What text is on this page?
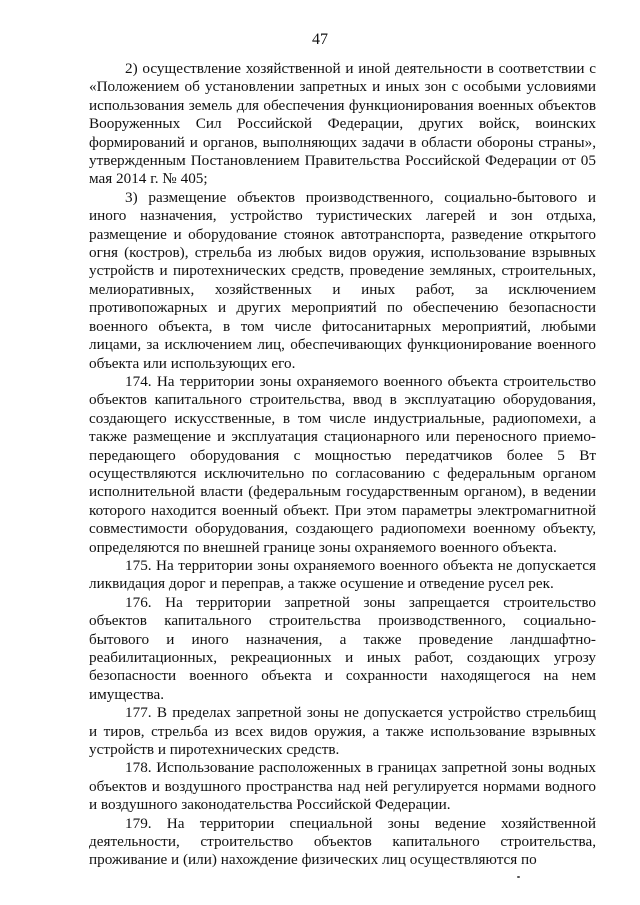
47

2) осуществление хозяйственной и иной деятельности в соответствии с «Положением об установлении запретных и иных зон с особыми условиями использования земель для обеспечения функционирования военных объектов Вооруженных Сил Российской Федерации, других войск, воинских формирований и органов, выполняющих задачи в области обороны страны», утвержденным Постановлением Правительства Российской Федерации от 05 мая 2014 г. № 405;

3) размещение объектов производственного, социально-бытового и иного назначения, устройство туристических лагерей и зон отдыха, размещение и оборудование стоянок автотранспорта, разведение открытого огня (костров), стрельба из любых видов оружия, использование взрывных устройств и пиротехнических средств, проведение земляных, строительных, мелиоративных, хозяйственных и иных работ, за исключением противопожарных и других мероприятий по обеспечению безопасности военного объекта, в том числе фитосанитарных мероприятий, любыми лицами, за исключением лиц, обеспечивающих функционирование военного объекта или использующих его.

174. На территории зоны охраняемого военного объекта строительство объектов капитального строительства, ввод в эксплуатацию оборудования, создающего искусственные, в том числе индустриальные, радиопомехи, а также размещение и эксплуатация стационарного или переносного приемо-передающего оборудования с мощностью передатчиков более 5 Вт осуществляются исключительно по согласованию с федеральным органом исполнительной власти (федеральным государственным органом), в ведении которого находится военный объект. При этом параметры электромагнитной совместимости оборудования, создающего радиопомехи военному объекту, определяются по внешней границе зоны охраняемого военного объекта.

175. На территории зоны охраняемого военного объекта не допускается ликвидация дорог и переправ, а также осушение и отведение русел рек.

176. На территории запретной зоны запрещается строительство объектов капитального строительства производственного, социально-бытового и иного назначения, а также проведение ландшафтно-реабилитационных, рекреационных и иных работ, создающих угрозу безопасности военного объекта и сохранности находящегося на нем имущества.

177. В пределах запретной зоны не допускается устройство стрельбищ и тиров, стрельба из всех видов оружия, а также использование взрывных устройств и пиротехнических средств.

178. Использование расположенных в границах запретной зоны водных объектов и воздушного пространства над ней регулируется нормами водного и воздушного законодательства Российской Федерации.

179. На территории специальной зоны ведение хозяйственной деятельности, строительство объектов капитального строительства, проживание и (или) нахождение физических лиц осуществляются по
